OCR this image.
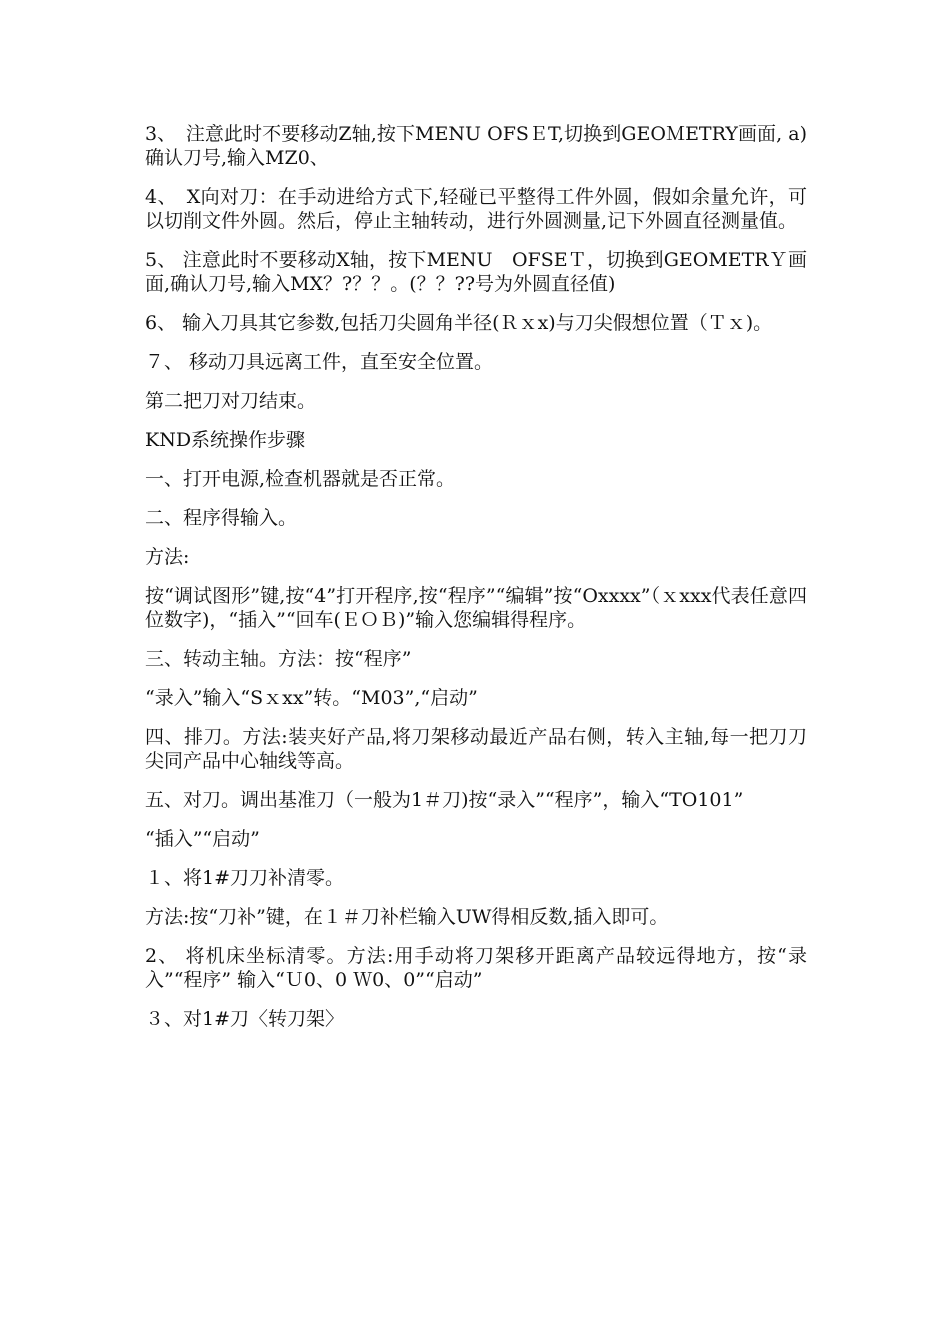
3、　注意此时不要移动Z轴,按下MENU OFSＥT,切换到GEOＭETRY画面, a) 确认刀号,输入MZ0、

4、　X向对刀：在手动进给方式下,轻碰已平整得工件外圆，假如余量允许，可以切削文件外圆。然后，停止主轴转动，进行外圆测量,记下外圆直径测量值。

5、 注意此时不要移动X轴，按下MENU　OFSEＴ，切换到GEOMETRＹ画面,确认刀号,输入MX？?？？。(？？??号为外圆直径值)

6、 输入刀具其它参数,包括刀尖圆角半径(Ｒｘx)与刀尖假想位置（Ｔｘ)。

７、 移动刀具远离工件，直至安全位置。

第二把刀对刀结束。

KND系统操作步骤

一、打开电源,检查机器就是否正常。

二、程序得输入。

方法:

按“调试图形”键,按“4”打开程序,按“程序”“编辑”按“Oxxxx”（ｘxxx代表任意四位数字)，“插入”“回车(ＥＯＢ)”输入您编辑得程序。

三、转动主轴。方法：按“程序”

“录入”输入“Sｘxx”转。“M03”,“启动”

四、排刀。方法:装夹好产品,将刀架移动最近产品右侧，转入主轴,每一把刀刀尖同产品中心轴线等高。

五、对刀。调出基准刀（一般为1＃刀)按“录入”“程序”，输入“TO101”

“插入”“启动”

１、将1#刀刀补清零。

方法:按“刀补”键，在１＃刀补栏输入UW得相反数,插入即可。

2、 将机床坐标清零。方法:用手动将刀架移开距离产品较远得地方，按“录入”“程序” 输入“Ｕ0、0 Ｗ0、0”“启动”

３、对1#刀〈转刀架〉
